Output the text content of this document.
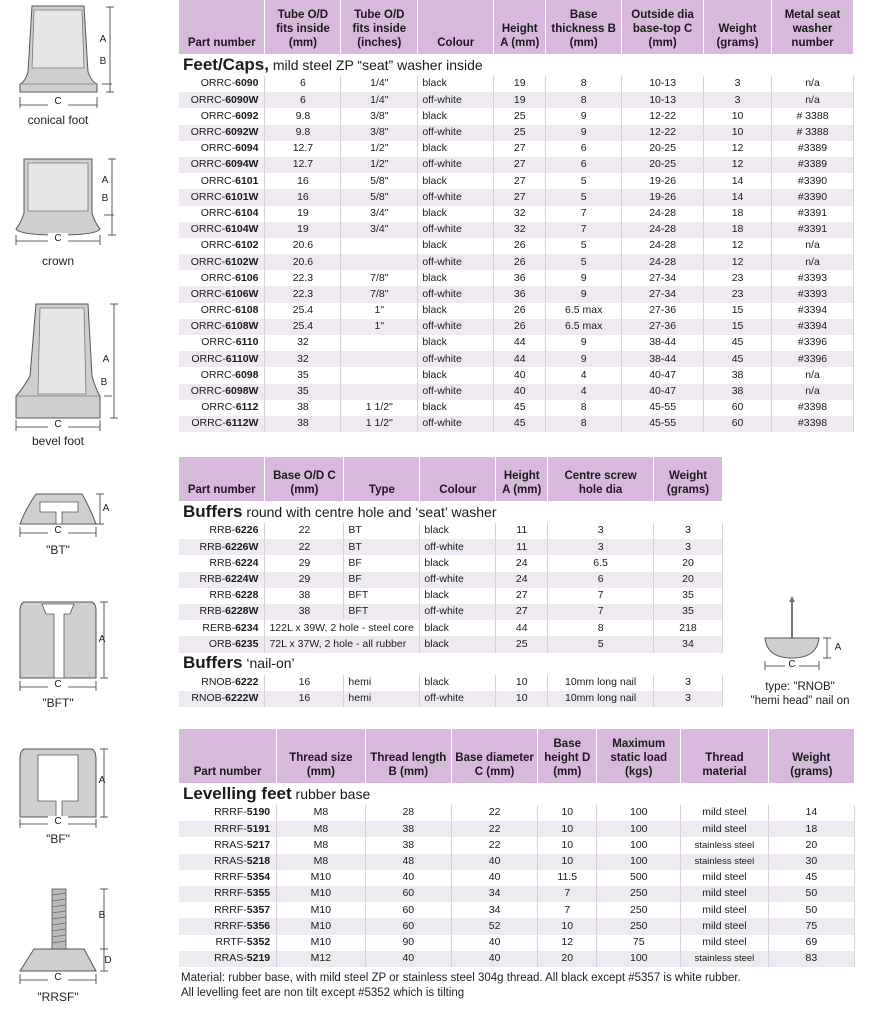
A
B
C
conical foot
A
B
C
crown
A
B
C
bevel foot
A
C
"BT"
A
C
"BFT"
A
C
"BF"
B
D
C
"RRSF"
Part number	Tube O/D fits inside (mm)	Tube O/D fits inside (inches)	Colour	Height A (mm)	Base thickness B (mm)	Outside dia base-top C (mm)	Weight (grams)	Metal seat washer number
Feet/Caps, mild steel ZP “seat” washer inside								
ORRC-6090	6	1/4"	black	19	8	10-13	3	n/a
ORRC-6090W	6	1/4"	off-white	19	8	10-13	3	n/a
ORRC-6092	9.8	3/8"	black	25	9	12-22	10	# 3388
ORRC-6092W	9.8	3/8"	off-white	25	9	12-22	10	# 3388
ORRC-6094	12.7	1/2"	black	27	6	20-25	12	#3389
ORRC-6094W	12.7	1/2"	off-white	27	6	20-25	12	#3389
ORRC-6101	16	5/8"	black	27	5	19-26	14	#3390
ORRC-6101W	16	5/8"	off-white	27	5	19-26	14	#3390
ORRC-6104	19	3/4"	black	32	7	24-28	18	#3391
ORRC-6104W	19	3/4"	off-white	32	7	24-28	18	#3391
ORRC-6102	20.6		black	26	5	24-28	12	n/a
ORRC-6102W	20.6		off-white	26	5	24-28	12	n/a
ORRC-6106	22.3	7/8"	black	36	9	27-34	23	#3393
ORRC-6106W	22.3	7/8"	off-white	36	9	27-34	23	#3393
ORRC-6108	25.4	1"	black	26	6.5 max	27-36	15	#3394
ORRC-6108W	25.4	1"	off-white	26	6.5 max	27-36	15	#3394
ORRC-6110	32		black	44	9	38-44	45	#3396
ORRC-6110W	32		off-white	44	9	38-44	45	#3396
ORRC-6098	35		black	40	4	40-47	38	n/a
ORRC-6098W	35		off-white	40	4	40-47	38	n/a
ORRC-6112	38	1 1/2"	black	45	8	45-55	60	#3398
ORRC-6112W	38	1 1/2"	off-white	45	8	45-55	60	#3398
Part number	Base O/D C (mm)	Type	Colour	Height A (mm)	Centre screw hole dia	Weight (grams)
Buffers round with centre hole and ‘seat’ washer						
RRB-6226	22	BT	black	11	3	3
RRB-6226W	22	BT	off-white	11	3	3
RRB-6224	29	BF	black	24	6.5	20
RRB-6224W	29	BF	off-white	24	6	20
RRB-6228	38	BFT	black	27	7	35
RRB-6228W	38	BFT	off-white	27	7	35
RERB-6234	122L x 39W, 2 hole - steel core		black	44	8	218
ORB-6235	72L x 37W, 2 hole - all rubber		black	25	5	34
Buffers ‘nail-on’						
RNOB-6222	16	hemi	black	10	10mm long nail	3
RNOB-6222W	16	hemi	off-white	10	10mm long nail	3
A
C
type: "RNOB"
"hemi head" nail on
Part number	Thread size (mm)	Thread length B (mm)	Base diameter C (mm)	Base height D (mm)	Maximum static load (kgs)	Thread material	Weight (grams)
Levelling feet rubber base							
RRRF-5190	M8	28	22	10	100	mild steel	14
RRRF-5191	M8	38	22	10	100	mild steel	18
RRAS-5217	M8	38	22	10	100	stainless steel	20
RRAS-5218	M8	48	40	10	100	stainless steel	30
RRRF-5354	M10	40	40	11.5	500	mild steel	45
RRRF-5355	M10	60	34	7	250	mild steel	50
RRRF-5357	M10	60	34	7	250	mild steel	50
RRRF-5356	M10	60	52	10	250	mild steel	75
RRTF-5352	M10	90	40	12	75	mild steel	69
RRAS-5219	M12	40	40	20	100	stainless steel	83
Material: rubber base, with mild steel ZP or stainless steel 304g thread. All black except #5357 is white rubber.
All levelling feet are non tilt except #5352 which is tilting
